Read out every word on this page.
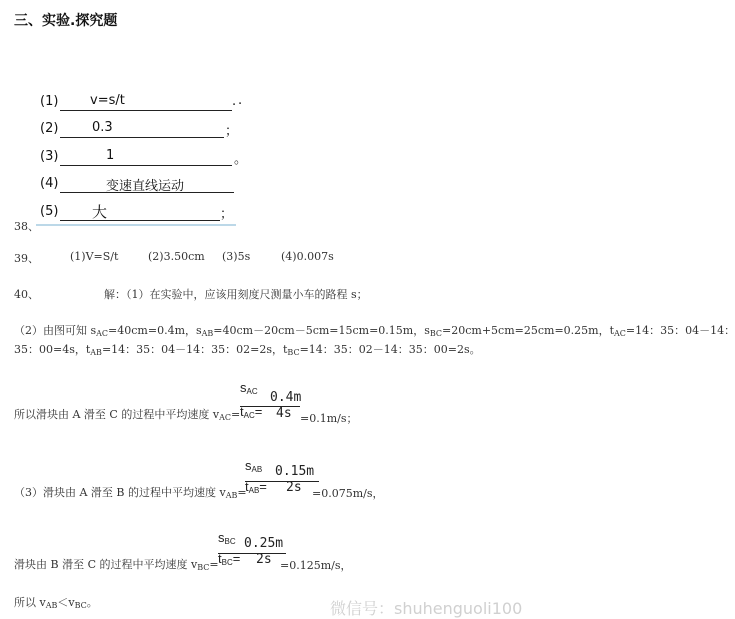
三、实验.探究题
(1) v=s/t	.
.
(2)	0.3	；
(3)	1	。
(4)	变速直线运动
(5) 大	；
38、
39、	(1)V=S/t	(2)3.50cm (3)5s	(4)0.007s
40、	解：（1）在实验中，应该用刻度尺测量小车的路程 s；
（2）由图可知 $s_{AC}=40cm=0.4m$，$s_{AB}=40cm-20cm-5cm=15cm=0.15m$，$s_{BC}=20cm+5cm=25cm=0.25m$，$t_{AC}=14$：35：04－14：
35：00=4s，$t_{AB}=14$：35：04－14：35：02=2s，$t_{BC}=14$：35：02－14：35：00=2s。
所以滑块由 A 滑至 C 的过程中平均速度 $v_{AC}=$
$s_{AC}$ 0.4m
$t_{AC}= 4s =0.1m/s$；
（3）滑块由 A 滑至 B 的过程中平均速度 $v_{AB}=$
$s_{AB}$ 0.15m
$t_{AB}= 2s =0.075m/s$，
滑块由 B 滑至 C 的过程中平均速度 $v_{BC}=$
$s_{BC}$ 0.25m
$t_{BC}= 2s =0.125m/s$，
所以 $v_{AB}<v_{BC}$。	微信号：shuhenguoli100
